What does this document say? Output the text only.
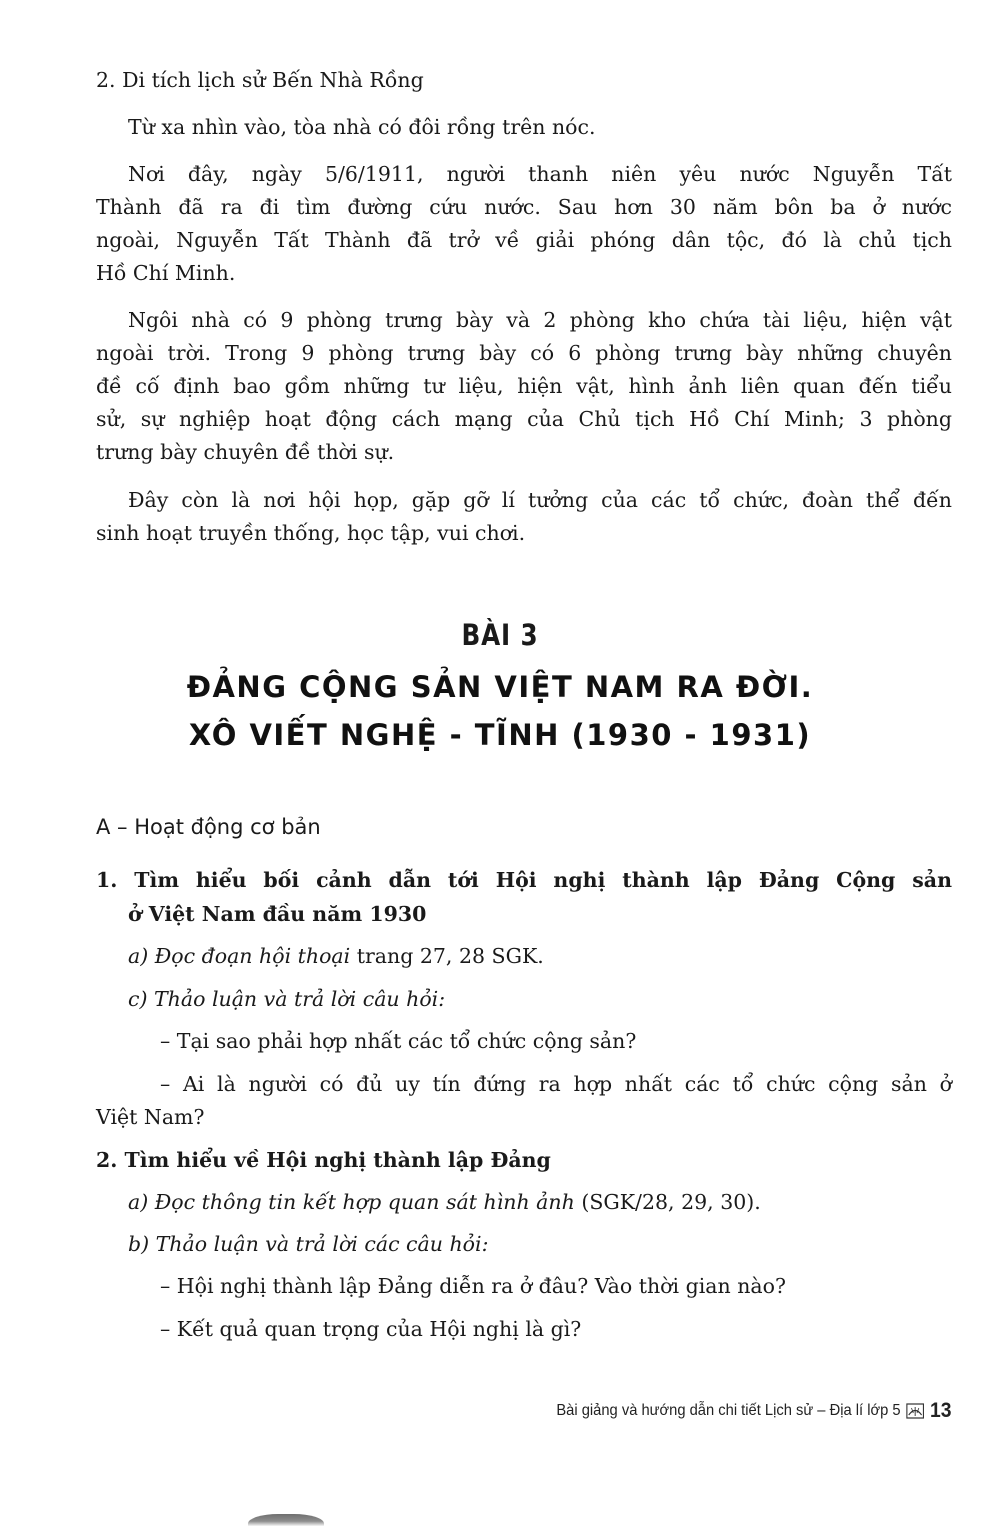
2. Di tích lịch sử Bến Nhà Rồng
Từ xa nhìn vào, tòa nhà có đôi rồng trên nóc.
Nơi đây, ngày 5/6/1911, người thanh niên yêu nước Nguyễn Tất
Thành đã ra đi tìm đường cứu nước. Sau hơn 30 năm bôn ba ở nước
ngoài, Nguyễn Tất Thành đã trở về giải phóng dân tộc, đó là chủ tịch
Hồ Chí Minh.
Ngôi nhà có 9 phòng trưng bày và 2 phòng kho chứa tài liệu, hiện vật
ngoài trời. Trong 9 phòng trưng bày có 6 phòng trưng bày những chuyên
đề cố định bao gồm những tư liệu, hiện vật, hình ảnh liên quan đến tiểu
sử, sự nghiệp hoạt động cách mạng của Chủ tịch Hồ Chí Minh; 3 phòng
trưng bày chuyên đề thời sự.
Đây còn là nơi hội họp, gặp gỡ lí tưởng của các tổ chức, đoàn thể đến
sinh hoạt truyền thống, học tập, vui chơi.
BÀI 3
ĐẢNG CỘNG SẢN VIỆT NAM RA ĐỜI.
XÔ VIẾT NGHỆ - TĨNH (1930 - 1931)
A – Hoạt động cơ bản
1. Tìm hiểu bối cảnh dẫn tới Hội nghị thành lập Đảng Cộng sản
ở Việt Nam đầu năm 1930
a) Đọc đoạn hội thoại trang 27, 28 SGK.
c) Thảo luận và trả lời câu hỏi:
– Tại sao phải hợp nhất các tổ chức cộng sản?
– Ai là người có đủ uy tín đứng ra hợp nhất các tổ chức cộng sản ở
Việt Nam?
2. Tìm hiểu về Hội nghị thành lập Đảng
a) Đọc thông tin kết hợp quan sát hình ảnh (SGK/28, 29, 30).
b) Thảo luận và trả lời các câu hỏi:
– Hội nghị thành lập Đảng diễn ra ở đâu? Vào thời gian nào?
– Kết quả quan trọng của Hội nghị là gì?
Bài giảng và hướng dẫn chi tiết Lịch sử – Địa lí lớp 5 13
